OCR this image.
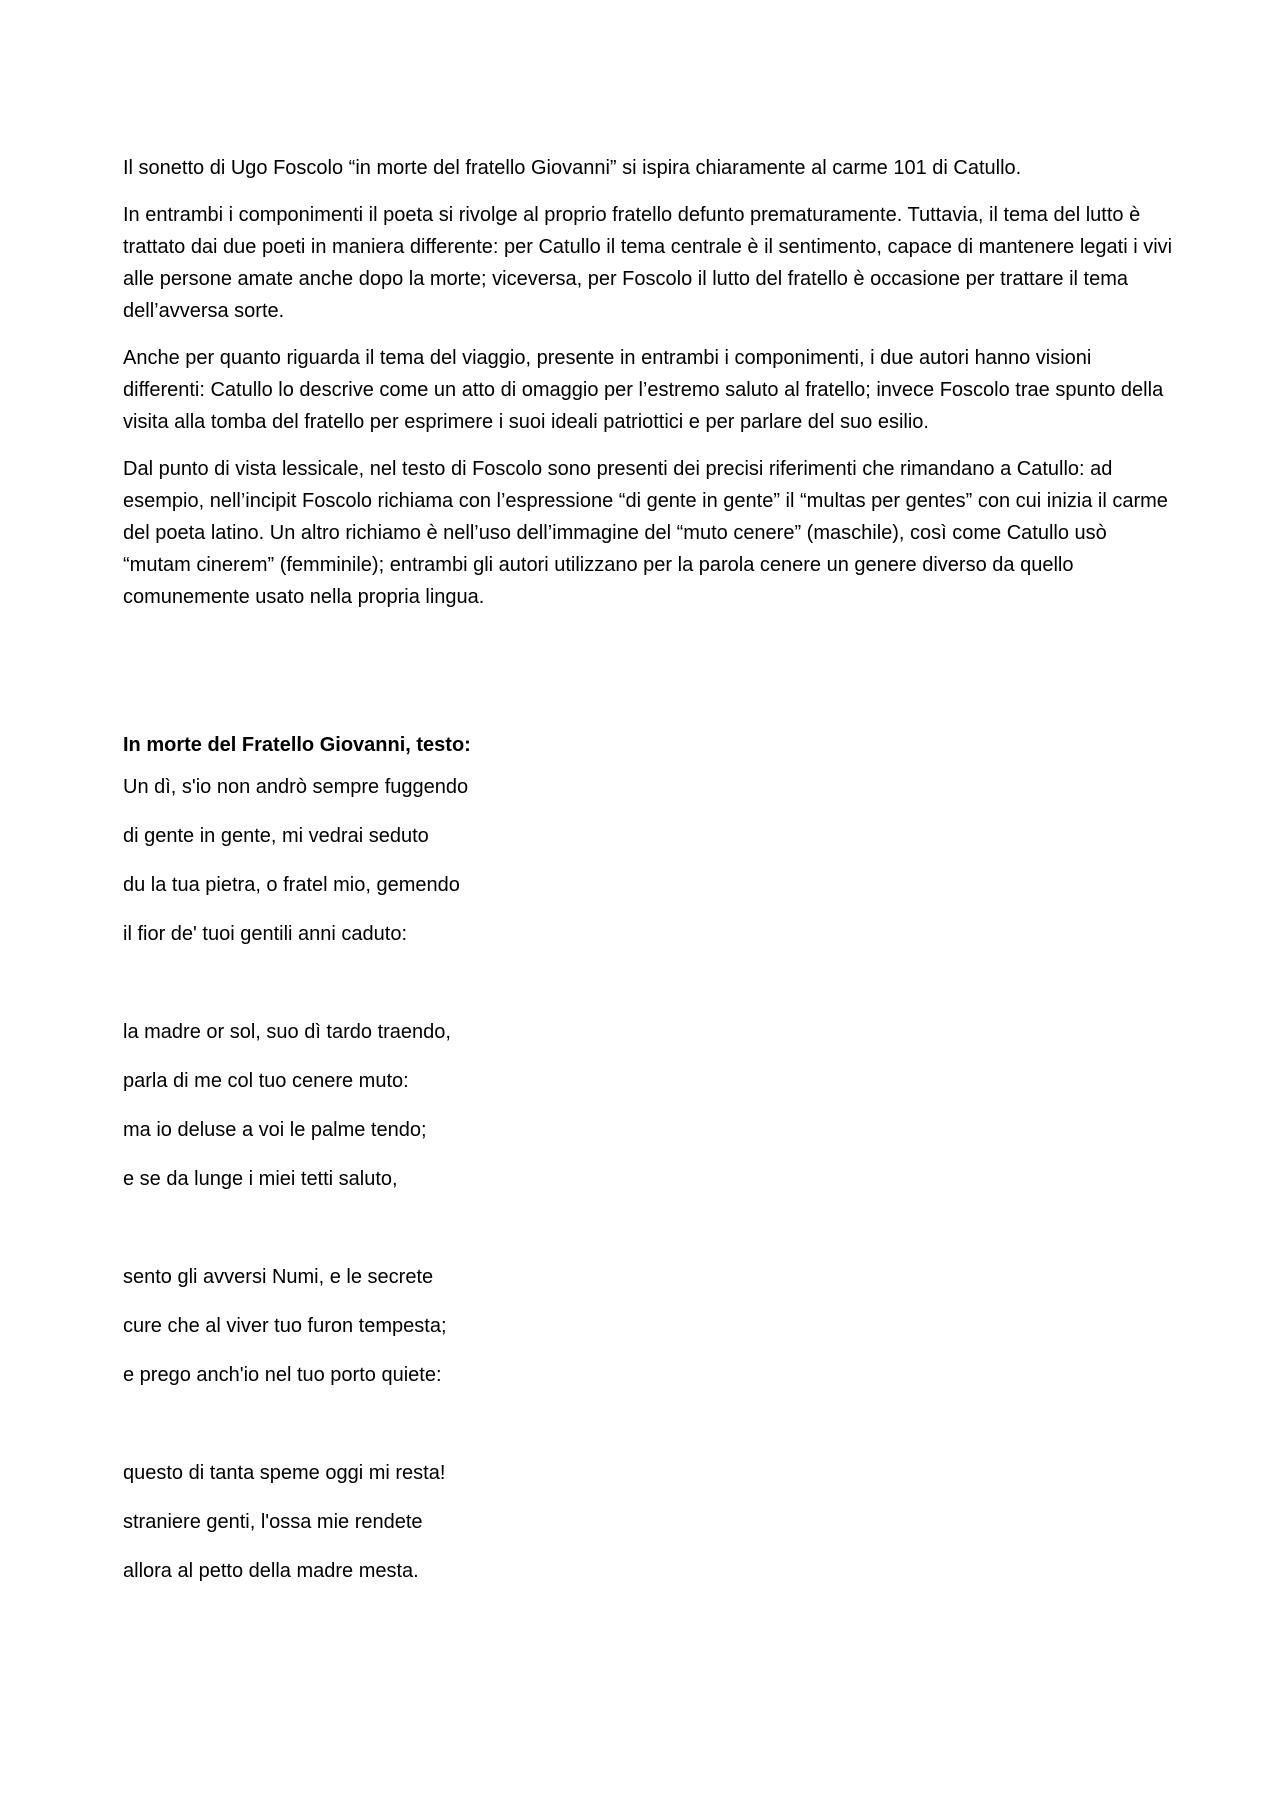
Il sonetto di Ugo Foscolo “in morte del fratello Giovanni” si ispira chiaramente al carme 101 di Catullo.

In entrambi i componimenti il poeta si rivolge al proprio fratello defunto prematuramente. Tuttavia, il tema del lutto è trattato dai due poeti in maniera differente: per Catullo il tema centrale è il sentimento, capace di mantenere legati i vivi alle persone amate anche dopo la morte; viceversa, per Foscolo il lutto del fratello è occasione per trattare il tema dell’avversa sorte.

Anche per quanto riguarda il tema del viaggio, presente in entrambi i componimenti, i due autori hanno visioni differenti: Catullo lo descrive come un atto di omaggio per l’estremo saluto al fratello; invece Foscolo trae spunto della visita alla tomba del fratello per esprimere i suoi ideali patriottici e per parlare del suo esilio.

Dal punto di vista lessicale, nel testo di Foscolo sono presenti dei precisi riferimenti che rimandano a Catullo: ad esempio, nell’incipit Foscolo richiama con l’espressione “di gente in gente” il “multas per gentes” con cui inizia il carme del poeta latino. Un altro richiamo è nell’uso dell’immagine del “muto cenere” (maschile), così come Catullo usò “mutam cinerem” (femminile); entrambi gli autori utilizzano per la parola cenere un genere diverso da quello comunemente usato nella propria lingua.

In morte del Fratello Giovanni, testo:

Un dì, s'io non andrò sempre fuggendo

di gente in gente, mi vedrai seduto

du la tua pietra, o fratel mio, gemendo

il fior de' tuoi gentili anni caduto:

la madre or sol, suo dì tardo traendo,

parla di me col tuo cenere muto:

ma io deluse a voi le palme tendo;

e se da lunge i miei tetti saluto,

sento gli avversi Numi, e le secrete

cure che al viver tuo furon tempesta;

e prego anch'io nel tuo porto quiete:

questo di tanta speme oggi mi resta!

straniere genti, l'ossa mie rendete

allora al petto della madre mesta.
